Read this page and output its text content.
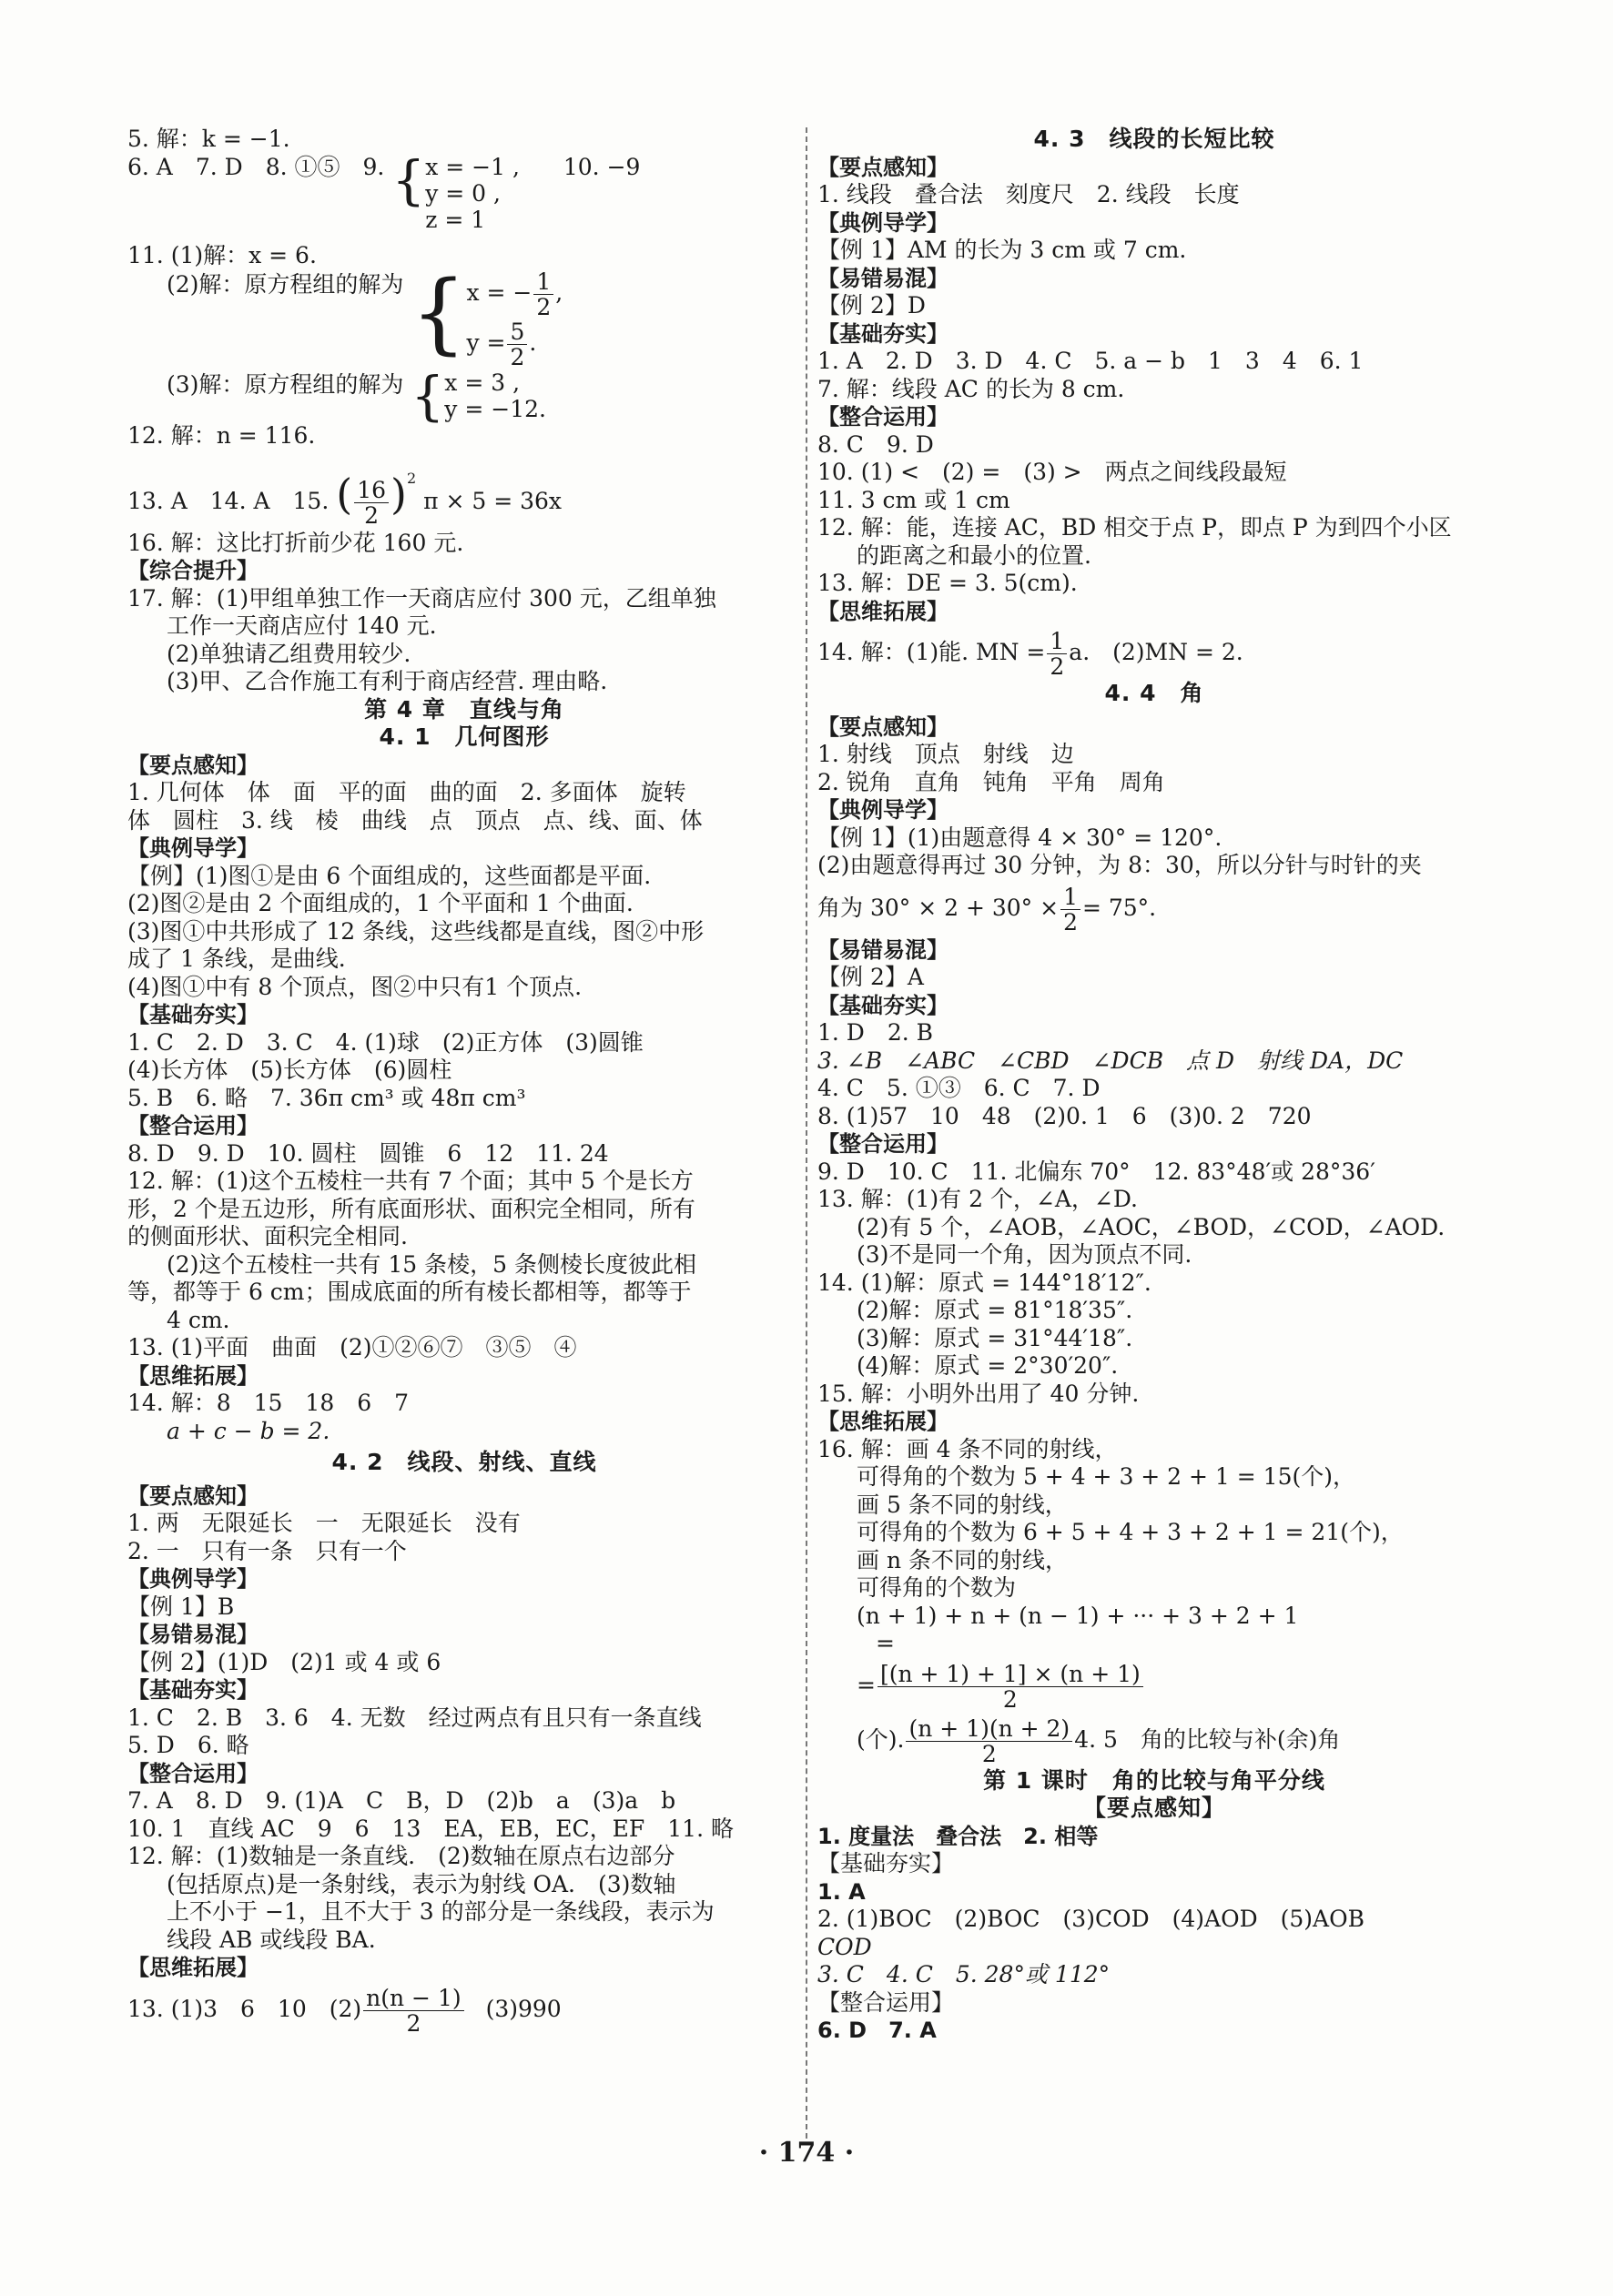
5. 解：k = −1.
6. A　7. D　8. ①⑤　9. {x = −1 ,
y = 0 ,
z = 1 10. −9
11. (1)解：x = 6.
(2)解：原方程组的解为 {x = − $\frac{1}{2}$ ,
$y = \frac{5}{2}$ .
(3)解：原方程组的解为 {x = 3 ,
y = −12.
12. 解：n = 116.
13. A　14. A　15. ( $\frac{16}{2} )^2$ π × 5 = 36x
16. 解：这比打折前少花 160 元.
【综合提升】
17. 解：(1)甲组单独工作一天商店应付 300 元，乙组单独
工作一天商店应付 140 元.
(2)单独请乙组费用较少.
(3)甲、乙合作施工有利于商店经营. 理由略.
第 4 章　直线与角
4. 1　几何图形
【要点感知】
1. 几何体　体　面　平的面　曲的面　2. 多面体　旋转
体　圆柱　3. 线　棱　曲线　点　顶点　点、线、面、体
【典例导学】
【例】(1)图①是由 6 个面组成的，这些面都是平面.
(2)图②是由 2 个面组成的，1 个平面和 1 个曲面.
(3)图①中共形成了 12 条线，这些线都是直线，图②中形
成了 1 条线，是曲线.
(4)图①中有 8 个顶点，图②中只有1 个顶点.
【基础夯实】
1. C　2. D　3. C　4. (1)球　(2)正方体　(3)圆锥
(4)长方体　(5)长方体　(6)圆柱
5. B　6. 略　7. 36π cm³ 或 48π cm³
【整合运用】
8. D　9. D　10. 圆柱　圆锥　6　12　11. 24
12. 解：(1)这个五棱柱一共有 7 个面；其中 5 个是长方
形，2 个是五边形，所有底面形状、面积完全相同，所有
的侧面形状、面积完全相同.
(2)这个五棱柱一共有 15 条棱，5 条侧棱长度彼此相
等，都等于 6 cm；围成底面的所有棱长都相等，都等于
4 cm.
13. (1)平面　曲面　(2)①②⑥⑦　③⑤　④
【思维拓展】
14. 解：8　15　18　6　7
a + c − b = 2.
4. 2　线段、射线、直线
【要点感知】
1. 两　无限延长　一　无限延长　没有
2. 一　只有一条　只有一个
【典例导学】
【例 1】B
【易错易混】
【例 2】(1)D　(2)1 或 4 或 6
【基础夯实】
1. C　2. B　3. 6　4. 无数　经过两点有且只有一条直线
5. D　6. 略
【整合运用】
7. A　8. D　9. (1)A　C　B，D　(2)b　a　(3)a　b
10. 1　直线 AC　9　6　13　EA，EB，EC，EF　11. 略
12. 解：(1)数轴是一条直线.　(2)数轴在原点右边部分
(包括原点)是一条射线，表示为射线 OA.　(3)数轴
上不小于 −1，且不大于 3 的部分是一条线段，表示为
线段 AB 或线段 BA.
【思维拓展】
13. (1)3　6　10　$(2) \frac{n(n - 1)}{2} (3)990$
4. 3　线段的长短比较
【要点感知】
1. 线段　叠合法　刻度尺　2. 线段　长度
【典例导学】
【例 1】AM 的长为 3 cm 或 7 cm.
【易错易混】
【例 2】D
【基础夯实】
1. A　2. D　3. D　4. C　5. a − b　1　3　4　6. 1
7. 解：线段 AC 的长为 8 cm.
【整合运用】
8. C　9. D
10. (1) <　(2) =　(3) >　两点之间线段最短
11. 3 cm 或 1 cm
12. 解：能，连接 AC，BD 相交于点 P，即点 P 为到四个小区
的距离之和最小的位置.
13. 解：DE = 3. 5(cm).
【思维拓展】
14. 解：(1)能. MN = $\frac{1}{2} a$.　(2)MN = 2.
4. 4　角
【要点感知】
1. 射线　顶点　射线　边
2. 锐角　直角　钝角　平角　周角
【典例导学】
【例 1】(1)由题意得 4 × 30° = 120°.
(2)由题意得再过 30 分钟，为 8：30，所以分针与时针的夹
角为 $30^\circ \times 2 + 30^\circ \times \frac{1}{2} = 75^\circ$.
【易错易混】
【例 2】A
【基础夯实】
1. D　2. B
3. ∠B　∠ABC　∠CBD　∠DCB　点 D　射线 DA，DC
4. C　5. ①③　6. C　7. D
8. (1)57　10　48　(2)0. 1　6　(3)0. 2　720
【整合运用】
9. D　10. C　11. 北偏东 70°　12. 83°48′或 28°36′
13. 解：(1)有 2 个，∠A，∠D.
(2)有 5 个，∠AOB，∠AOC，∠BOD，∠COD，∠AOD.
(3)不是同一个角，因为顶点不同.
14. (1)解：原式 = 144°18′12″.
(2)解：原式 = 81°18′35″.
(3)解：原式 = 31°44′18″.
(4)解：原式 = 2°30′20″.
15. 解：小明外出用了 40 分钟.
【思维拓展】
16. 解：画 4 条不同的射线，
可得角的个数为 5 + 4 + 3 + 2 + 1 = 15(个)，
画 5 条不同的射线，
可得角的个数为 6 + 5 + 4 + 3 + 2 + 1 = 21(个)，
画 n 条不同的射线，
可得角的个数为
(n + 1) + n + (n − 1) + ··· + 3 + 2 + 1
=
= $\frac{[(n + 1) + 1] \times (n + 1)}{2}$
(个). $\frac{(n + 1)(n + 2)}{2} 4$. 5　角的比较与补(余)角
第 1 课时　角的比较与角平分线
【要点感知】
1. 度量法　叠合法　2. 相等
【基础夯实】
1. A
2. (1)BOC　(2)BOC　(3)COD　(4)AOD　(5)AOB
COD
3. C　4. C　5. 28°或 112°
【整合运用】
6. D　7. A
· 174 ·
